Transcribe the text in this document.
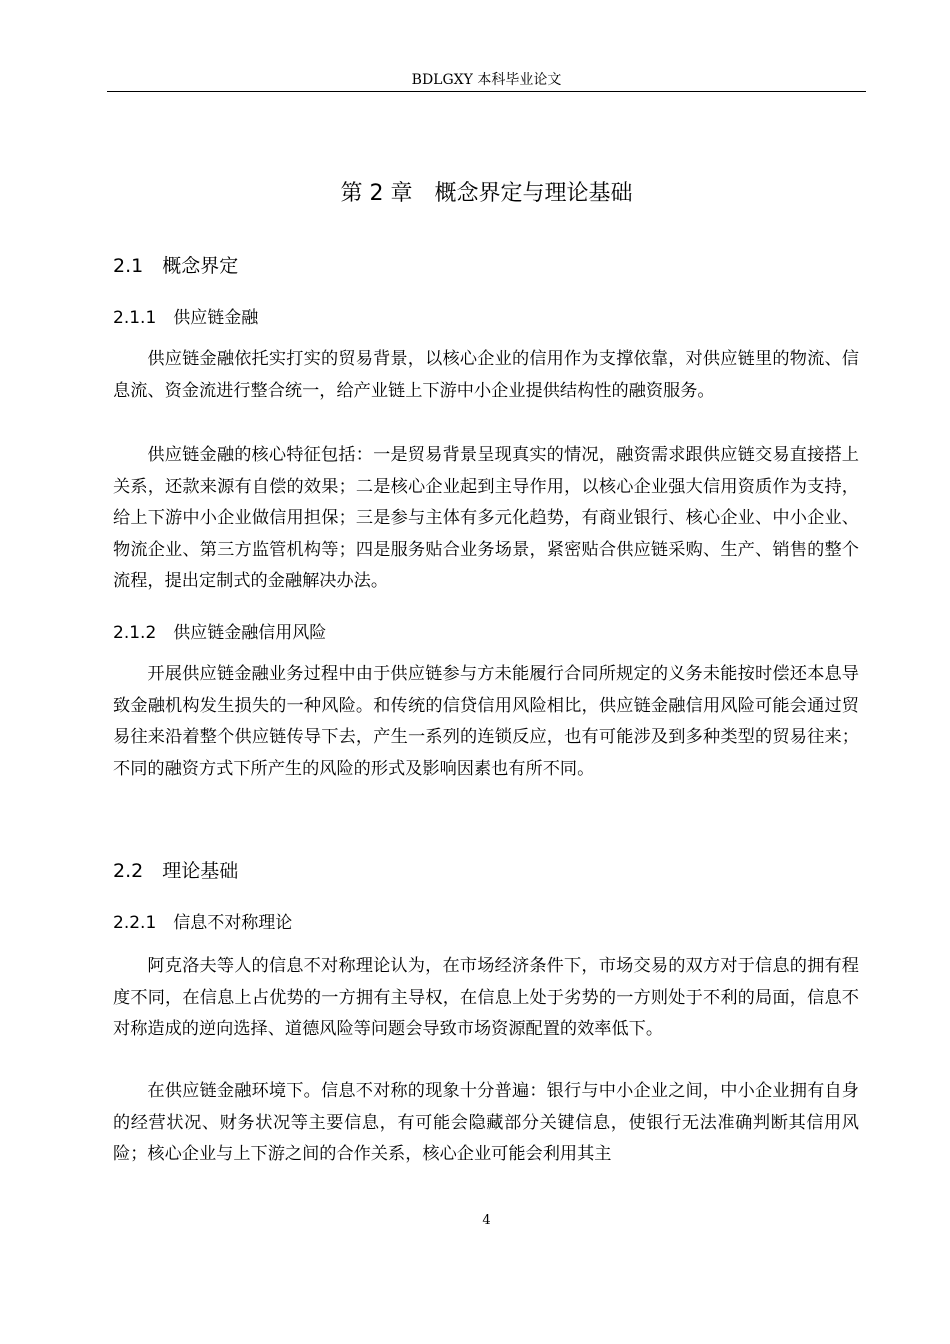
BDLGXY 本科毕业论文
第 2 章　概念界定与理论基础
2.1　概念界定
2.1.1　供应链金融

供应链金融依托实打实的贸易背景，以核心企业的信用作为支撑依靠，对供应链里的物流、信息流、资金流进行整合统一，给产业链上下游中小企业提供结构性的融资服务。

供应链金融的核心特征包括：一是贸易背景呈现真实的情况，融资需求跟供应链交易直接搭上关系，还款来源有自偿的效果；二是核心企业起到主导作用，以核心企业强大信用资质作为支持，给上下游中小企业做信用担保；三是参与主体有多元化趋势，有商业银行、核心企业、中小企业、物流企业、第三方监管机构等；四是服务贴合业务场景，紧密贴合供应链采购、生产、销售的整个流程，提出定制式的金融解决办法。

2.1.2　供应链金融信用风险

开展供应链金融业务过程中由于供应链参与方未能履行合同所规定的义务未能按时偿还本息导致金融机构发生损失的一种风险。和传统的信贷信用风险相比，供应链金融信用风险可能会通过贸易往来沿着整个供应链传导下去，产生一系列的连锁反应，也有可能涉及到多种类型的贸易往来；不同的融资方式下所产生的风险的形式及影响因素也有所不同。

2.2　理论基础
2.2.1　信息不对称理论

阿克洛夫等人的信息不对称理论认为，在市场经济条件下，市场交易的双方对于信息的拥有程度不同，在信息上占优势的一方拥有主导权，在信息上处于劣势的一方则处于不利的局面，信息不对称造成的逆向选择、道德风险等问题会导致市场资源配置的效率低下。

在供应链金融环境下。信息不对称的现象十分普遍：银行与中小企业之间，中小企业拥有自身的经营状况、财务状况等主要信息，有可能会隐藏部分关键信息，使银行无法准确判断其信用风险；核心企业与上下游之间的合作关系，核心企业可能会利用其主

4
